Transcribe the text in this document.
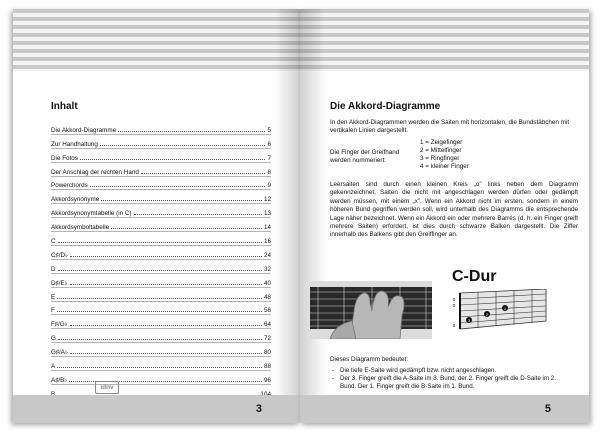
Inhalt
Die Akkord-Diagramme	5
Zur Handhaltung	6
Die Fotos	7
Der Anschlag der rechten Hand	8
Powerchords	9
Akkordsynonyme	12
Akkordsynonymtabelle (in C)	13
Akkordsymboltabelle	14
C	16
C♯/D♭	24
D	32
D♯/E♭	40
E	48
F	56
F♯/G♭	64
G	72
G♯/A♭	80
A	88
A♯/B♭	96
idnv
3
Die Akkord-Diagramme
In den Akkord-Diagrammen werden die Saiten mit horizontalen, die Bundstäbchen mit vertikalen Linien dargestellt.
Die Finger der Greifhand werden nummeriert:
1 = Zeigefinger
2 = Mittelfinger
3 = Ringfinger
4 = kleiner Finger
Leersaiten sind durch einen kleinen Kreis „o" links neben dem Diagramm gekennzeichnet; Saiten die nicht mit angeschlagen werden dürfen oder gedämpft werden müssen, mit einem „x". Wenn ein Akkord nicht im ersten, sondern in einem höheren Bund gegriffen werden soll, wird unterhalb des Diagramms die entsprechende Lage näher bezeichnet. Wenn ein Akkord ein oder mehrere Barrés (d. h. ein Finger greift mehrere Saiten) erfordert, ist dies durch schwarze Balken dargestellt. Die Ziffer innerhalb des Balkens gibt den Greiffinger an.
C-Dur
3
2
1
o
o
x
Dieses Diagramm bedeutet:
- Die tiefe E-Saite wird gedämpft bzw. nicht angeschlagen.
- Der 3. Finger greift die A-Saite im 3. Bund, der 2. Finger greift die D-Saite im 2. Bund. Der 1. Finger greift die B-Saite im 1. Bund.
5
